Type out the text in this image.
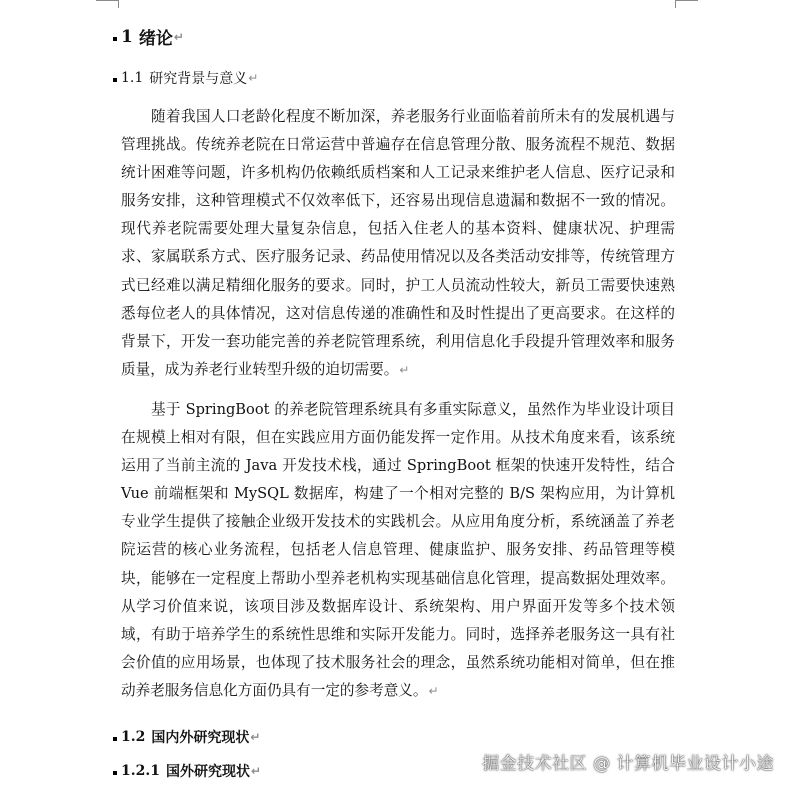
1 绪论 ↵
1.1 研究背景与意义 ↵

随着我国人口老龄化程度不断加深，养老服务行业面临着前所未有的发展机遇与管理挑战。传统养老院在日常运营中普遍存在信息管理分散、服务流程不规范、数据统计困难等问题，许多机构仍依赖纸质档案和人工记录来维护老人信息、医疗记录和服务安排，这种管理模式不仅效率低下，还容易出现信息遗漏和数据不一致的情况。现代养老院需要处理大量复杂信息，包括入住老人的基本资料、健康状况、护理需求、家属联系方式、医疗服务记录、药品使用情况以及各类活动安排等，传统管理方式已经难以满足精细化服务的要求。同时，护工人员流动性较大，新员工需要快速熟悉每位老人的具体情况，这对信息传递的准确性和及时性提出了更高要求。在这样的背景下，开发一套功能完善的养老院管理系统，利用信息化手段提升管理效率和服务质量，成为养老行业转型升级的迫切需要。↵

基于 SpringBoot 的养老院管理系统具有多重实际意义，虽然作为毕业设计项目在规模上相对有限，但在实践应用方面仍能发挥一定作用。从技术角度来看，该系统运用了当前主流的 Java 开发技术栈，通过 SpringBoot 框架的快速开发特性，结合 Vue 前端框架和 MySQL 数据库，构建了一个相对完整的 B/S 架构应用，为计算机专业学生提供了接触企业级开发技术的实践机会。从应用角度分析，系统涵盖了养老院运营的核心业务流程，包括老人信息管理、健康监护、服务安排、药品管理等模块，能够在一定程度上帮助小型养老机构实现基础信息化管理，提高数据处理效率。从学习价值来说，该项目涉及数据库设计、系统架构、用户界面开发等多个技术领域，有助于培养学生的系统性思维和实际开发能力。同时，选择养老服务这一具有社会价值的应用场景，也体现了技术服务社会的理念，虽然系统功能相对简单，但在推动养老服务信息化方面仍具有一定的参考意义。↵

1.2 国内外研究现状 ↵
1.2.1 国外研究现状 ↵	掘金技术社区 @ 计算机毕业设计小途
